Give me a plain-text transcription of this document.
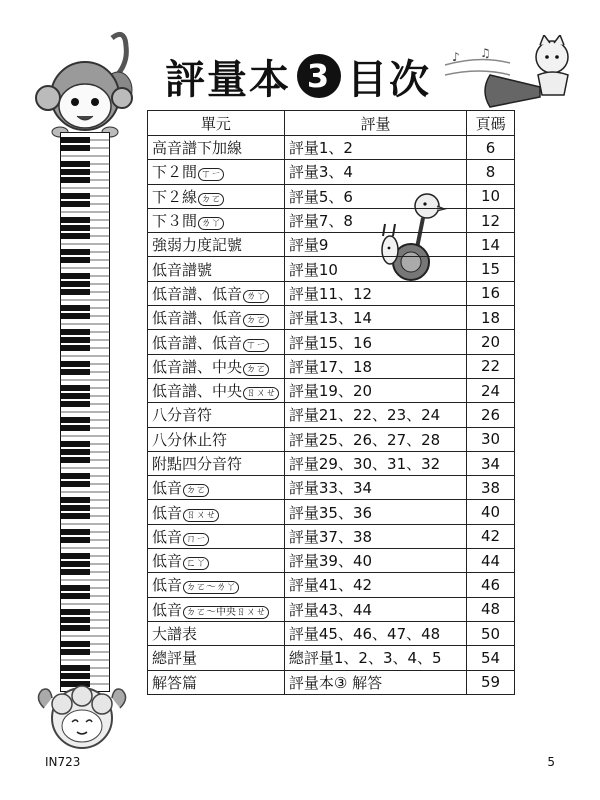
評量本 3 目次 ♪ ♫
單元	評量	頁碼
高音譜下加線	評量1、2	6
下２間 ㄒㄧ	評量3、4	8
下２線 ㄉㄛ	評量5、6	10
下３間 ㄌㄚ	評量7、8	12
強弱力度記號	評量9	14
低音譜號	評量10	15
低音譜、低音 ㄌㄚ	評量11、12	16
低音譜、低音 ㄉㄛ	評量13、14	18
低音譜、低音 ㄒㄧ	評量15、16	20
低音譜、中央 ㄉㄛ	評量17、18	22
低音譜、中央 ㄖㄨㄝ	評量19、20	24
八分音符	評量21、22、23、24	26
八分休止符	評量25、26、27、28	30
附點四分音符	評量29、30、31、32	34
低音 ㄉㄛ	評量33、34	38
低音 ㄖㄨㄝ	評量35、36	40
低音 ㄇㄧ	評量37、38	42
低音 ㄈㄚ	評量39、40	44
低音 ㄉㄛ～ㄌㄚ	評量41、42	46
低音 ㄉㄛ～中央ㄖㄨㄝ	評量43、44	48
大譜表	評量45、46、47、48	50
總評量	總評量1、2、3、4、5	54
解答篇	評量本③ 解答	59
IN723	5
